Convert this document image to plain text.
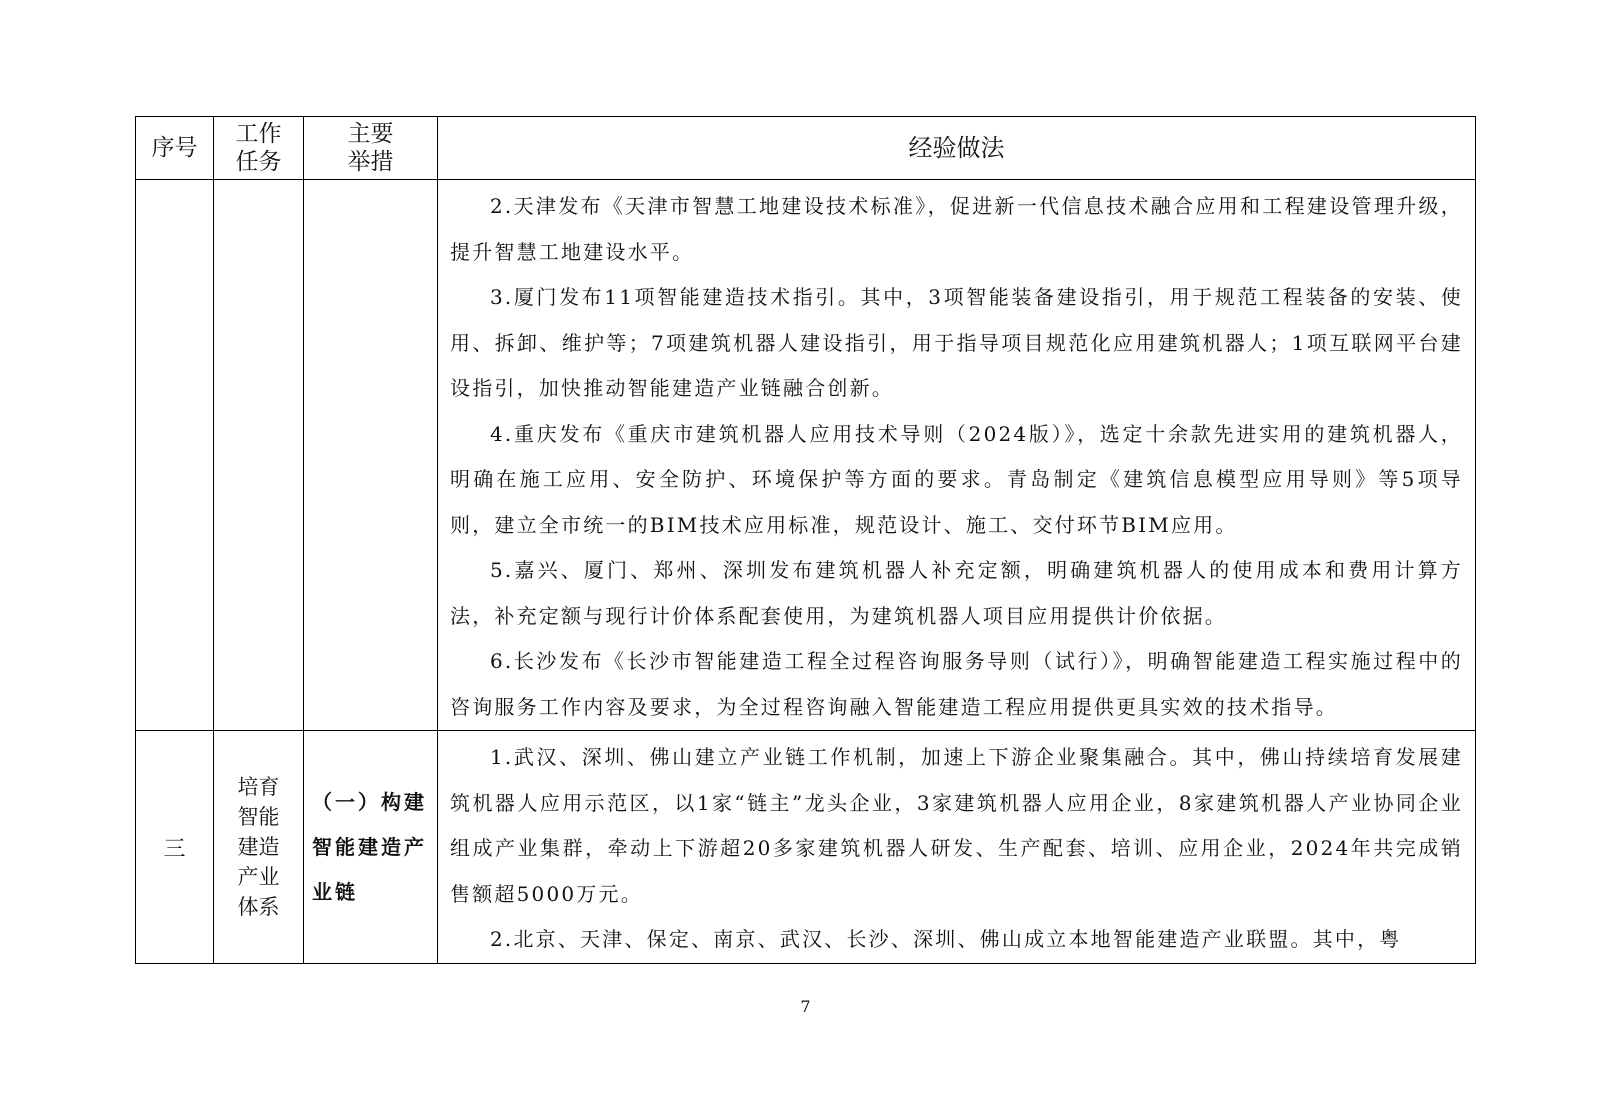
序号	工作任务	主要举措	经验做法

			2.天津发布《天津市智慧工地建设技术标准》，促进新一代信息技术融合应用和工程建设管理升级，提升智慧工地建设水平。

3.厦门发布11项智能建造技术指引。其中，3项智能装备建设指引，用于规范工程装备的安装、使用、拆卸、维护等；7项建筑机器人建设指引，用于指导项目规范化应用建筑机器人；1项互联网平台建设指引，加快推动智能建造产业链融合创新。

4.重庆发布《重庆市建筑机器人应用技术导则（2024版）》，选定十余款先进实用的建筑机器人，明确在施工应用、安全防护、环境保护等方面的要求。青岛制定《建筑信息模型应用导则》等5项导则，建立全市统一的BIM技术应用标准，规范设计、施工、交付环节BIM应用。

5.嘉兴、厦门、郑州、深圳发布建筑机器人补充定额，明确建筑机器人的使用成本和费用计算方法，补充定额与现行计价体系配套使用，为建筑机器人项目应用提供计价依据。

6.长沙发布《长沙市智能建造工程全过程咨询服务导则（试行）》，明确智能建造工程实施过程中的咨询服务工作内容及要求，为全过程咨询融入智能建造工程应用提供更具实效的技术指导。

三	培育智能建造产业体系	（一）构建智能建造产业链	1.武汉、深圳、佛山建立产业链工作机制，加速上下游企业聚集融合。其中，佛山持续培育发展建筑机器人应用示范区，以1家“链主”龙头企业，3家建筑机器人应用企业，8家建筑机器人产业协同企业组成产业集群，牵动上下游超20多家建筑机器人研发、生产配套、培训、应用企业，2024年共完成销售额超5000万元。

2.北京、天津、保定、南京、武汉、长沙、深圳、佛山成立本地智能建造产业联盟。其中，粤

7
